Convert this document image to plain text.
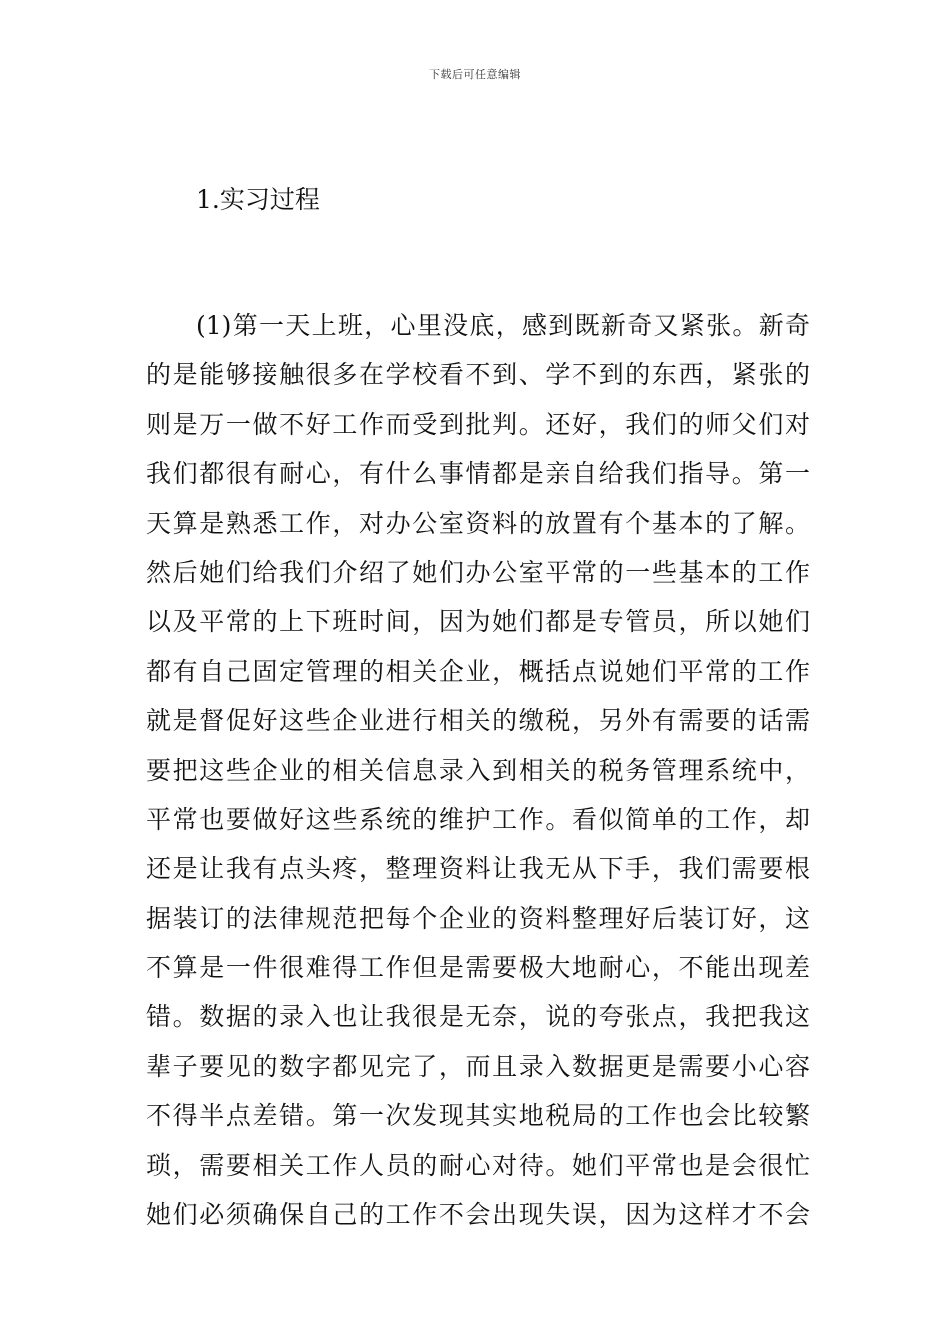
下载后可任意编辑
1.实习过程
(1)第一天上班，心里没底，感到既新奇又紧张。新奇
的是能够接触很多在学校看不到、学不到的东西，紧张的
则是万一做不好工作而受到批判。还好，我们的师父们对
我们都很有耐心，有什么事情都是亲自给我们指导。第一
天算是熟悉工作，对办公室资料的放置有个基本的了解。
然后她们给我们介绍了她们办公室平常的一些基本的工作
以及平常的上下班时间，因为她们都是专管员，所以她们
都有自己固定管理的相关企业，概括点说她们平常的工作
就是督促好这些企业进行相关的缴税，另外有需要的话需
要把这些企业的相关信息录入到相关的税务管理系统中，
平常也要做好这些系统的维护工作。看似简单的工作，却
还是让我有点头疼，整理资料让我无从下手，我们需要根
据装订的法律规范把每个企业的资料整理好后装订好，这
不算是一件很难得工作但是需要极大地耐心，不能出现差
错。数据的录入也让我很是无奈，说的夸张点，我把我这
辈子要见的数字都见完了，而且录入数据更是需要小心容
不得半点差错。第一次发现其实地税局的工作也会比较繁
琐，需要相关工作人员的耐心对待。她们平常也是会很忙
她们必须确保自己的工作不会出现失误，因为这样才不会
